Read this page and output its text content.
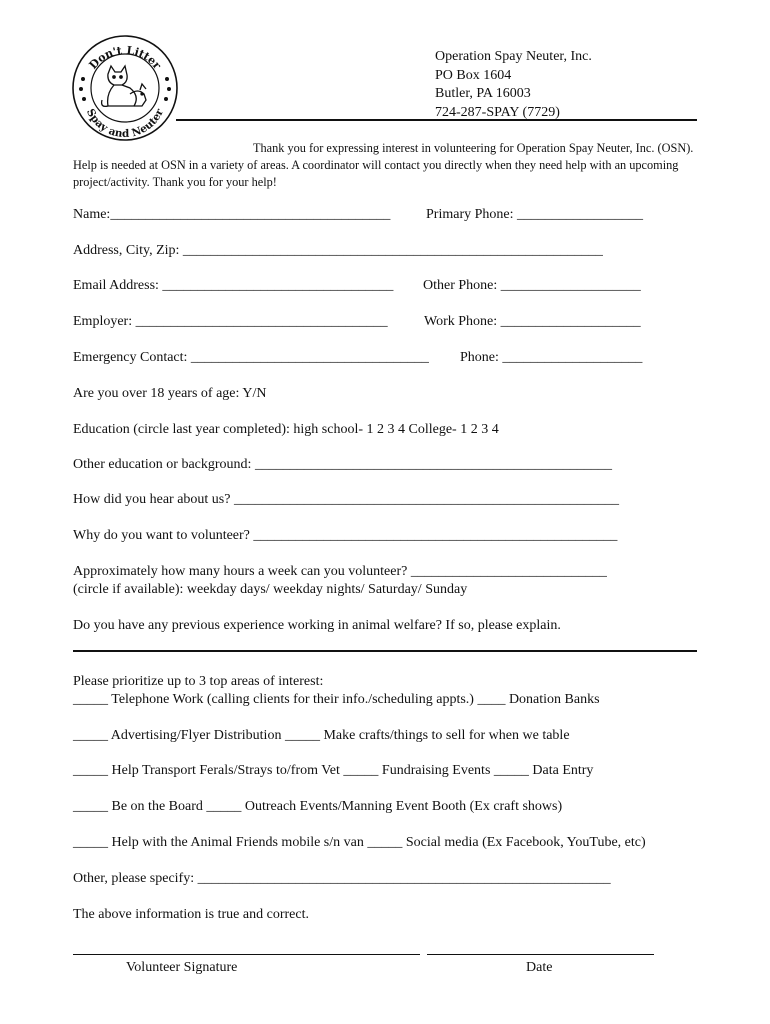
Don't Litter
Spay and Neuter
Operation Spay Neuter, Inc.
PO Box 1604
Butler, PA 16003
724-287-SPAY (7729)
Thank you for expressing interest in volunteering for Operation Spay Neuter, Inc. (OSN). Help is needed at OSN in a variety of areas. A coordinator will contact you directly when they need help with an upcoming project/activity. Thank you for your help!
Name:________________________________________	Primary Phone: __________________
Address, City, Zip: ____________________________________________________________
Email Address: _________________________________ Other Phone: ____________________
Employer: ____________________________________	Work Phone: ____________________
Emergency Contact: __________________________________ Phone: ____________________
Are you over 18 years of age: Y/N
Education (circle last year completed): high school- 1 2 3 4 College- 1 2 3 4
Other education or background: ___________________________________________________
How did you hear about us? _______________________________________________________
Why do you want to volunteer? ____________________________________________________
Approximately how many hours a week can you volunteer? ____________________________
(circle if available): weekday days/ weekday nights/ Saturday/ Sunday
Do you have any previous experience working in animal welfare? If so, please explain.
Please prioritize up to 3 top areas of interest:
_____ Telephone Work (calling clients for their info./scheduling appts.) ____ Donation Banks
_____ Advertising/Flyer Distribution _____ Make crafts/things to sell for when we table
_____ Help Transport Ferals/Strays to/from Vet _____ Fundraising Events _____ Data Entry
_____ Be on the Board _____ Outreach Events/Manning Event Booth (Ex craft shows)
_____ Help with the Animal Friends mobile s/n van _____ Social media (Ex Facebook, YouTube, etc)
Other, please specify: ___________________________________________________________
The above information is true and correct.
Volunteer Signature	Date
